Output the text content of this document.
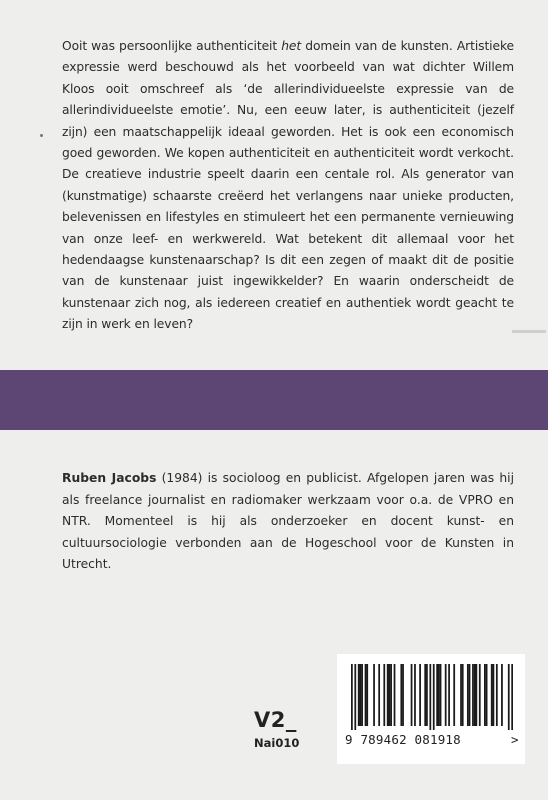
Ooit was persoonlijke authenticiteit het domein van de kunsten. Artistieke expressie werd beschouwd als het voorbeeld van wat dichter Willem Kloos ooit omschreef als ‘de allerindividueelste expressie van de allerindividueelste emotie’. Nu, een eeuw later, is authenticiteit (jezelf zijn) een maatschappelijk ideaal geworden. Het is ook een economisch goed geworden. We kopen authenticiteit en authenticiteit wordt verkocht. De creatieve industrie speelt daarin een centale rol. Als generator van (kunstmatige) schaarste creëerd het verlangens naar unieke producten, belevenissen en lifestyles en stimuleert het een permanente vernieuwing van onze leef- en werkwereld. Wat betekent dit allemaal voor het hedendaagse kunstenaarschap? Is dit een zegen of maakt dit de positie van de kunstenaar juist ingewikkelder? En waarin onderscheidt de kunstenaar zich nog, als iedereen creatief en authentiek wordt geacht te zijn in werk en leven?

Ruben Jacobs (1984) is socioloog en publicist. Afgelopen jaren was hij als freelance journalist en radiomaker werkzaam voor o.a. de VPRO en NTR. Momenteel is hij als onderzoeker en docent kunst- en cultuursociologie verbonden aan de Hogeschool voor de Kunsten in Utrecht.

V2_
Nai010	9 789462 081918	>
